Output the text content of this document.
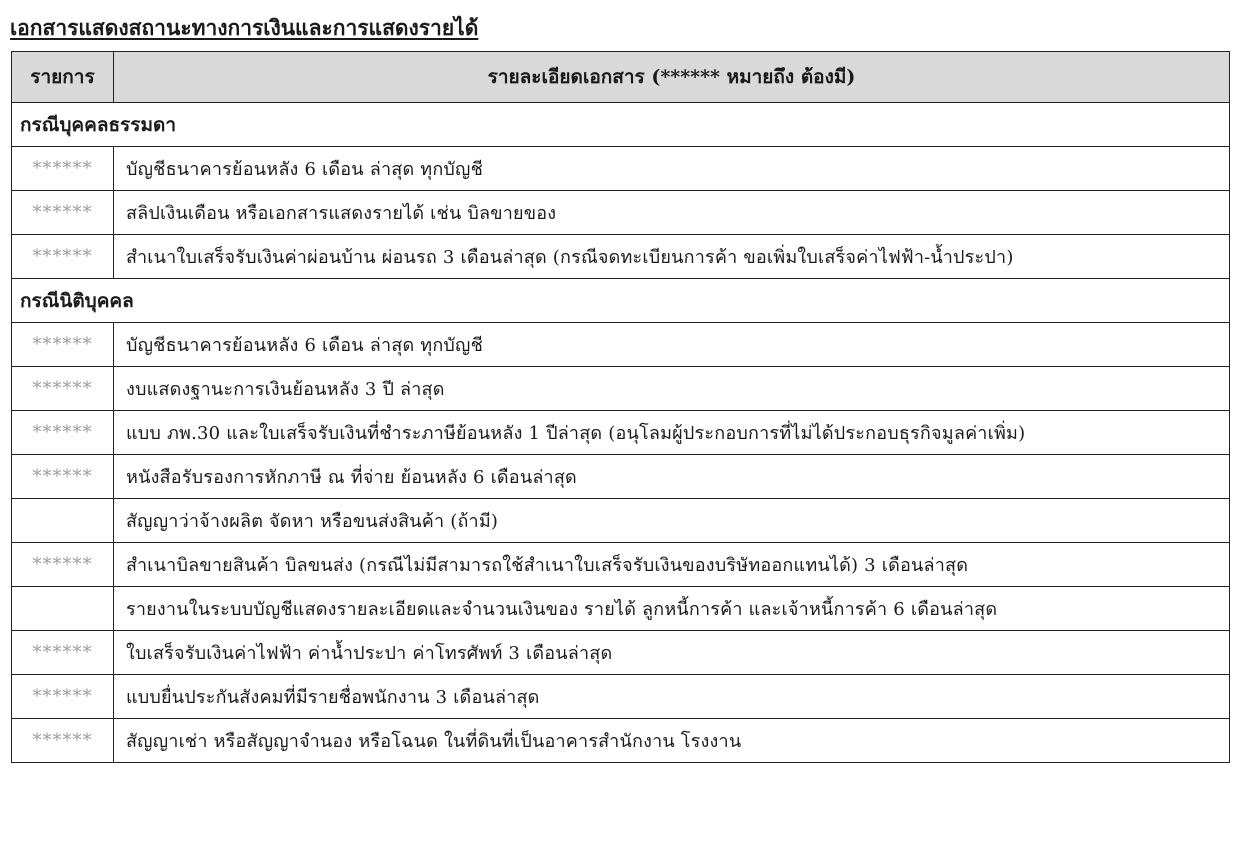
เอกสารแสดงสถานะทางการเงินและการแสดงรายได้
รายการ	รายละเอียดเอกสาร (****** หมายถึง ต้องมี)
กรณีบุคคลธรรมดา	
******	บัญชีธนาคารย้อนหลัง 6 เดือน ล่าสุด ทุกบัญชี
******	สลิปเงินเดือน หรือเอกสารแสดงรายได้ เช่น บิลขายของ
******	สำเนาใบเสร็จรับเงินค่าผ่อนบ้าน ผ่อนรถ 3 เดือนล่าสุด (กรณีจดทะเบียนการค้า ขอเพิ่มใบเสร็จค่าไฟฟ้า-น้ำประปา)
กรณีนิติบุคคล	
******	บัญชีธนาคารย้อนหลัง 6 เดือน ล่าสุด ทุกบัญชี
******	งบแสดงฐานะการเงินย้อนหลัง 3 ปี ล่าสุด
******	แบบ ภพ.30 และใบเสร็จรับเงินที่ชำระภาษีย้อนหลัง 1 ปีล่าสุด (อนุโลมผู้ประกอบการที่ไม่ได้ประกอบธุรกิจมูลค่าเพิ่ม)
******	หนังสือรับรองการหักภาษี ณ ที่จ่าย ย้อนหลัง 6 เดือนล่าสุด
	สัญญาว่าจ้างผลิต จัดหา หรือขนส่งสินค้า (ถ้ามี)
******	สำเนาบิลขายสินค้า บิลขนส่ง (กรณีไม่มีสามารถใช้สำเนาใบเสร็จรับเงินของบริษัทออกแทนได้) 3 เดือนล่าสุด
	รายงานในระบบบัญชีแสดงรายละเอียดและจำนวนเงินของ รายได้ ลูกหนี้การค้า และเจ้าหนี้การค้า 6 เดือนล่าสุด
******	ใบเสร็จรับเงินค่าไฟฟ้า ค่าน้ำประปา ค่าโทรศัพท์ 3 เดือนล่าสุด
******	แบบยื่นประกันสังคมที่มีรายชื่อพนักงาน 3 เดือนล่าสุด
******	สัญญาเช่า หรือสัญญาจำนอง หรือโฉนด ในที่ดินที่เป็นอาคารสำนักงาน โรงงาน
